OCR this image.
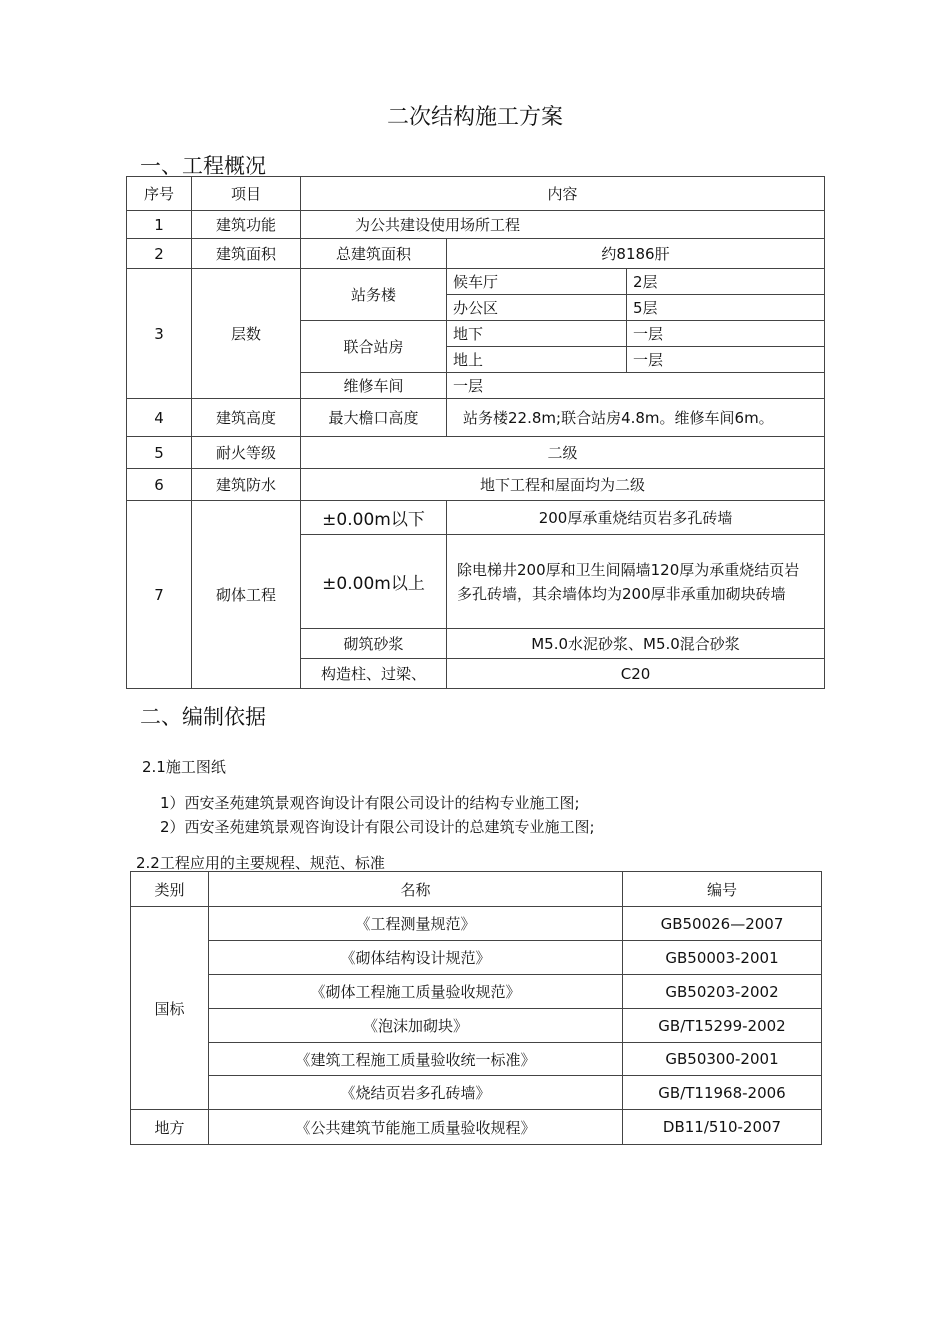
二次结构施工方案
一、工程概况
序号	项目	内容		
1	建筑功能	为公共建设使用场所工程		
2	建筑面积	总建筑面积	约8186肝	
3	层数	站务楼	候车厅	2层
			办公区	5层
		联合站房	地下	一层
			地上	一层
		维修车间	一层	
4	建筑高度	最大檐口高度	站务楼22.8m;联合站房4.8m。维修车间6m。	
5	耐火等级	二级		
6	建筑防水	地下工程和屋面均为二级		
7	砌体工程	±0.00m以下	200厚承重烧结页岩多孔砖墙	
		±0.00m以上	除电梯井200厚和卫生间隔墙120厚为承重烧结页岩多孔砖墙，其余墙体均为200厚非承重加砌块砖墙	
		砌筑砂浆	M5.0水泥砂浆、M5.0混合砂浆	
		构造柱、过梁、	C20	
二、编制依据
2.1施工图纸
1）西安圣苑建筑景观咨询设计有限公司设计的结构专业施工图;
2）西安圣苑建筑景观咨询设计有限公司设计的总建筑专业施工图;
2.2工程应用的主要规程、规范、标准
类别	名称	编号
国标	《工程测量规范》	GB50026—2007
	《砌体结构设计规范》	GB50003-2001
	《砌体工程施工质量验收规范》	GB50203-2002
	《泡沫加砌块》	GB/T15299-2002
	《建筑工程施工质量验收统一标准》	GB50300-2001
	《烧结页岩多孔砖墙》	GB/T11968-2006
地方	《公共建筑节能施工质量验收规程》	DB11/510-2007
